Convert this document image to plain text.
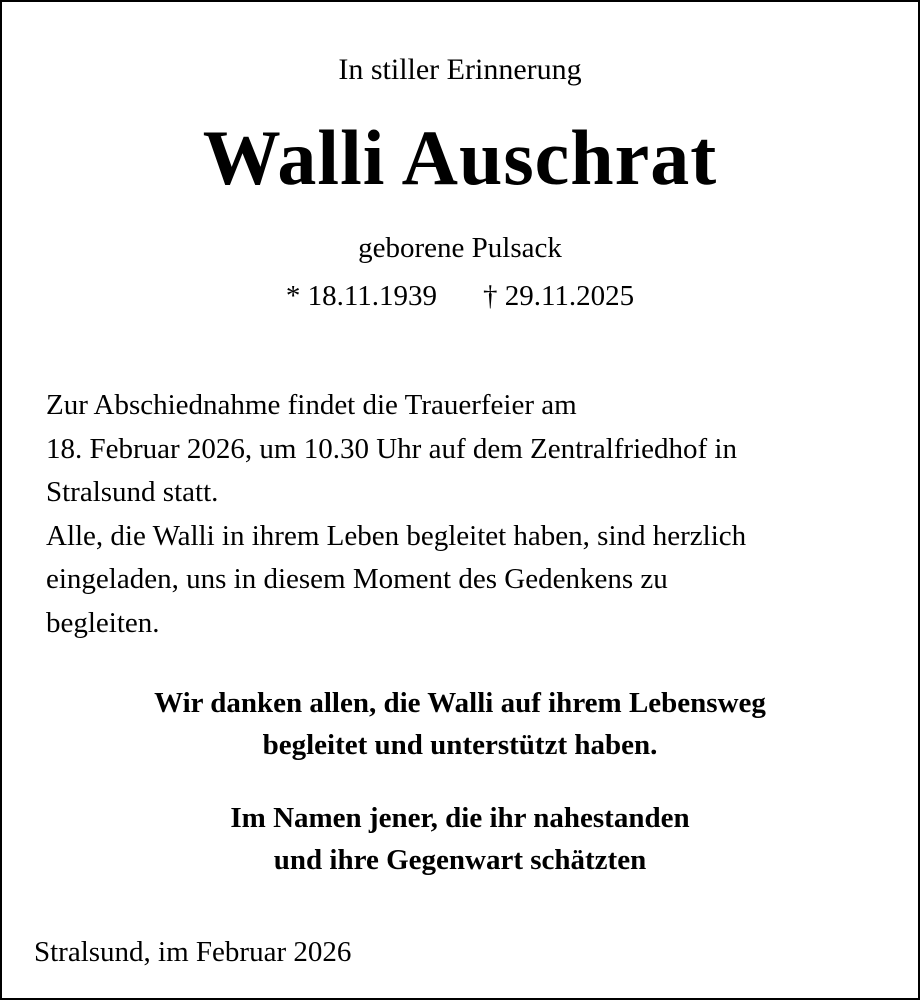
In stiller Erinnerung
Walli Auschrat
geborene Pulsack
* 18.11.1939 † 29.11.2025

Zur Abschiednahme findet die Trauerfeier am

18. Februar 2026, um 10.30 Uhr auf dem Zentralfriedhof in

Stralsund statt.

Alle, die Walli in ihrem Leben begleitet haben, sind herzlich

eingeladen, uns in diesem Moment des Gedenkens zu

begleiten.

Wir danken allen, die Walli auf ihrem Lebensweg
begleitet und unterstützt haben.
Im Namen jener, die ihr nahestanden
und ihre Gegenwart schätzten
Stralsund, im Februar 2026
